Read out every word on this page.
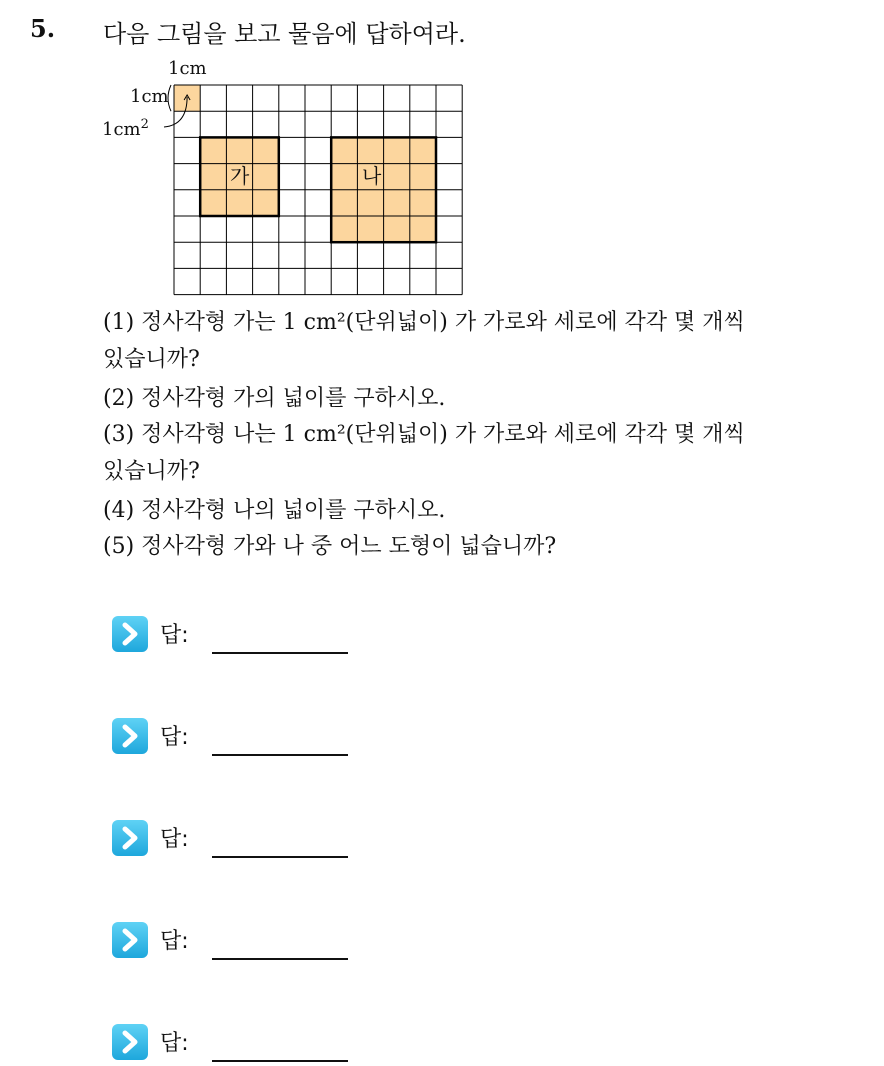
5. 다음 그림을 보고 물음에 답하여라.
1cm
1cm
$1cm^2$
가	나
(1) 정사각형 가는 1 cm²(단위넓이) 가 가로와 세로에 각각 몇 개씩
있습니까?
(2) 정사각형 가의 넓이를 구하시오.
(3) 정사각형 나는 1 cm²(단위넓이) 가 가로와 세로에 각각 몇 개씩
있습니까?
(4) 정사각형 나의 넓이를 구하시오.
(5) 정사각형 가와 나 중 어느 도형이 넓습니까?
답:
답:
답:
답:
답:
